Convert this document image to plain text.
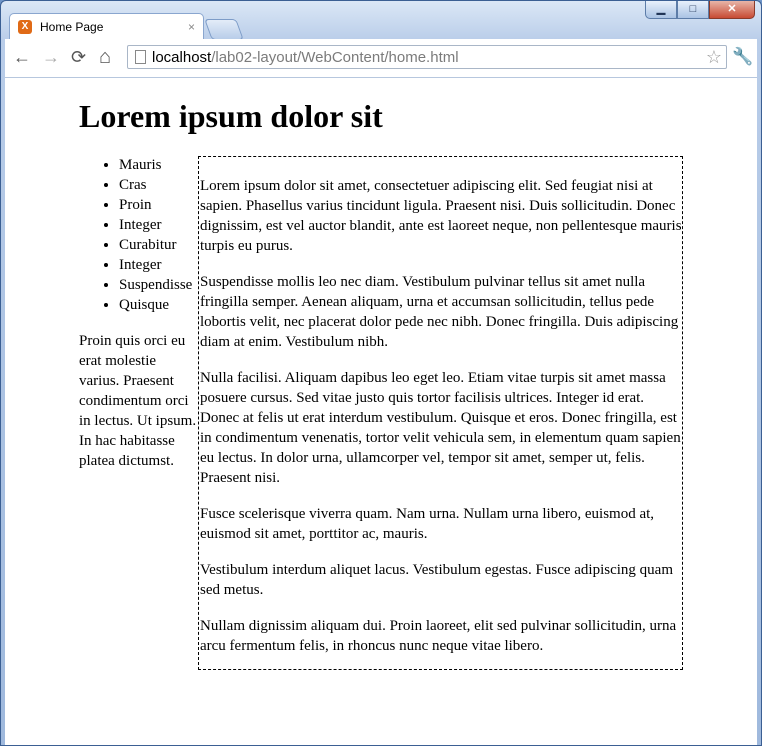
▁ □	✕
X Home Page	×
← → ⟳ ⌂	localhost/lab02-layout/WebContent/home.html	☆ 🔧
Lorem ipsum dolor sit
• Mauris
• Cras
• Proin
• Integer
• Curabitur
• Integer
• Suspendisse
• Quisque

Proin quis orci eu erat molestie varius. Praesent condimentum orci in lectus. Ut ipsum. In hac habitasse platea dictumst.

Lorem ipsum dolor sit amet, consectetuer adipiscing elit. Sed feugiat nisi at sapien. Phasellus varius tincidunt ligula. Praesent nisi. Duis sollicitudin. Donec dignissim, est vel auctor blandit, ante est laoreet neque, non pellentesque mauris turpis eu purus.

Suspendisse mollis leo nec diam. Vestibulum pulvinar tellus sit amet nulla fringilla semper. Aenean aliquam, urna et accumsan sollicitudin, tellus pede lobortis velit, nec placerat dolor pede nec nibh. Donec fringilla. Duis adipiscing diam at enim. Vestibulum nibh.

Nulla facilisi. Aliquam dapibus leo eget leo. Etiam vitae turpis sit amet massa posuere cursus. Sed vitae justo quis tortor facilisis ultrices. Integer id erat. Donec at felis ut erat interdum vestibulum. Quisque et eros. Donec fringilla, est in condimentum venenatis, tortor velit vehicula sem, in elementum quam sapien eu lectus. In dolor urna, ullamcorper vel, tempor sit amet, semper ut, felis. Praesent nisi.

Fusce scelerisque viverra quam. Nam urna. Nullam urna libero, euismod at, euismod sit amet, porttitor ac, mauris.

Vestibulum interdum aliquet lacus. Vestibulum egestas. Fusce adipiscing quam sed metus.

Nullam dignissim aliquam dui. Proin laoreet, elit sed pulvinar sollicitudin, urna arcu fermentum felis, in rhoncus nunc neque vitae libero.
